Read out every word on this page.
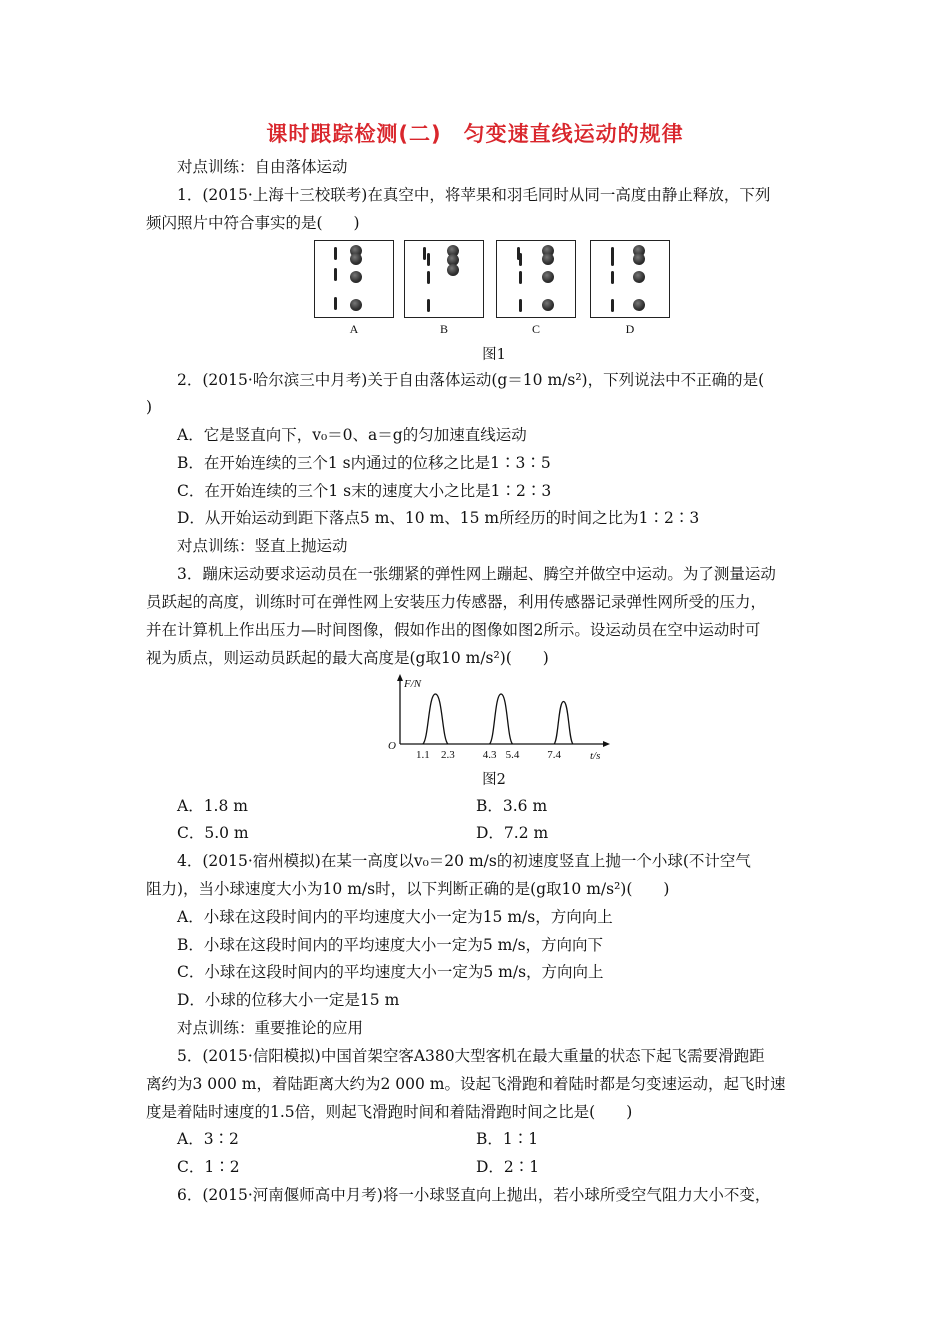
课时跟踪检测(二)　匀变速直线运动的规律
对点训练：自由落体运动
1．(2015·上海十三校联考)在真空中，将苹果和羽毛同时从同一高度由静止释放，下列
频闪照片中符合事实的是(　　)
A	B	C	D
图1
2．(2015·哈尔滨三中月考)关于自由落体运动(g＝10 m/s²)，下列说法中不正确的是(
)
A．它是竖直向下，v₀＝0、a＝g的匀加速直线运动
B．在开始连续的三个1 s内通过的位移之比是1∶3∶5
C．在开始连续的三个1 s末的速度大小之比是1∶2∶3
D．从开始运动到距下落点5 m、10 m、15 m所经历的时间之比为1∶2∶3
对点训练：竖直上抛运动
3．蹦床运动要求运动员在一张绷紧的弹性网上蹦起、腾空并做空中运动。为了测量运动
员跃起的高度，训练时可在弹性网上安装压力传感器，利用传感器记录弹性网所受的压力，
并在计算机上作出压力—时间图像，假如作出的图像如图2所示。设运动员在空中运动时可
视为质点，则运动员跃起的最大高度是(g取10 m/s²)(　　)
F/N
t/s
O
1.1 2.3	4.3 5.4	7.4
图2
A．1.8 m	B．3.6 m
C．5.0 m	D．7.2 m
4．(2015·宿州模拟)在某一高度以v₀＝20 m/s的初速度竖直上抛一个小球(不计空气
阻力)，当小球速度大小为10 m/s时，以下判断正确的是(g取10 m/s²)(　　)
A．小球在这段时间内的平均速度大小一定为15 m/s，方向向上
B．小球在这段时间内的平均速度大小一定为5 m/s，方向向下
C．小球在这段时间内的平均速度大小一定为5 m/s，方向向上
D．小球的位移大小一定是15 m
对点训练：重要推论的应用
5．(2015·信阳模拟)中国首架空客A380大型客机在最大重量的状态下起飞需要滑跑距
离约为3 000 m，着陆距离大约为2 000 m。设起飞滑跑和着陆时都是匀变速运动，起飞时速
度是着陆时速度的1.5倍，则起飞滑跑时间和着陆滑跑时间之比是(　　)
A．3∶2	B．1∶1
C．1∶2	D．2∶1
6．(2015·河南偃师高中月考)将一小球竖直向上抛出，若小球所受空气阻力大小不变，
